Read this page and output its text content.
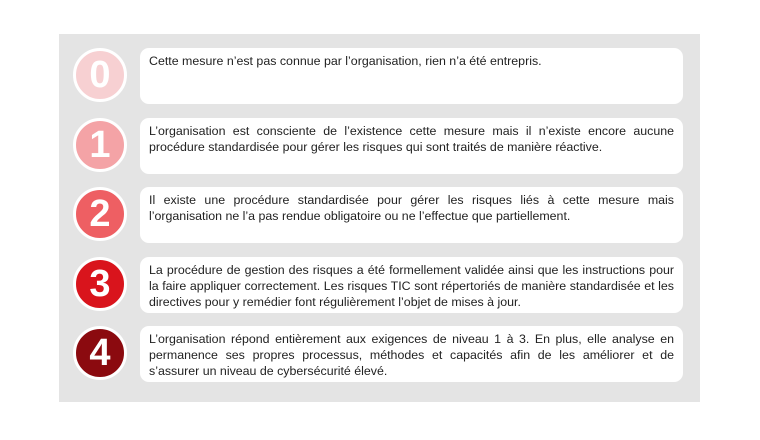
0	Cette mesure n’est pas connue par l’organisation, rien n’a été entrepris.
1	L’organisation est consciente de l’existence cette mesure mais il n’existe encore aucune procédure standardisée pour gérer les risques qui sont traités de manière réactive.
2	Il existe une procédure standardisée pour gérer les risques liés à cette mesure mais l’organisation ne l’a pas rendue obligatoire ou ne l’effectue que partiellement.
3	La procédure de gestion des risques a été formellement validée ainsi que les instructions pour la faire appliquer correctement. Les risques TIC sont répertoriés de manière standardisée et les directives pour y remédier font régulièrement l’objet de mises à jour.
4	L’organisation répond entièrement aux exigences de niveau 1 à 3. En plus, elle analyse en permanence ses propres processus, méthodes et capacités afin de les améliorer et de s’assurer un niveau de cybersécurité élevé.
